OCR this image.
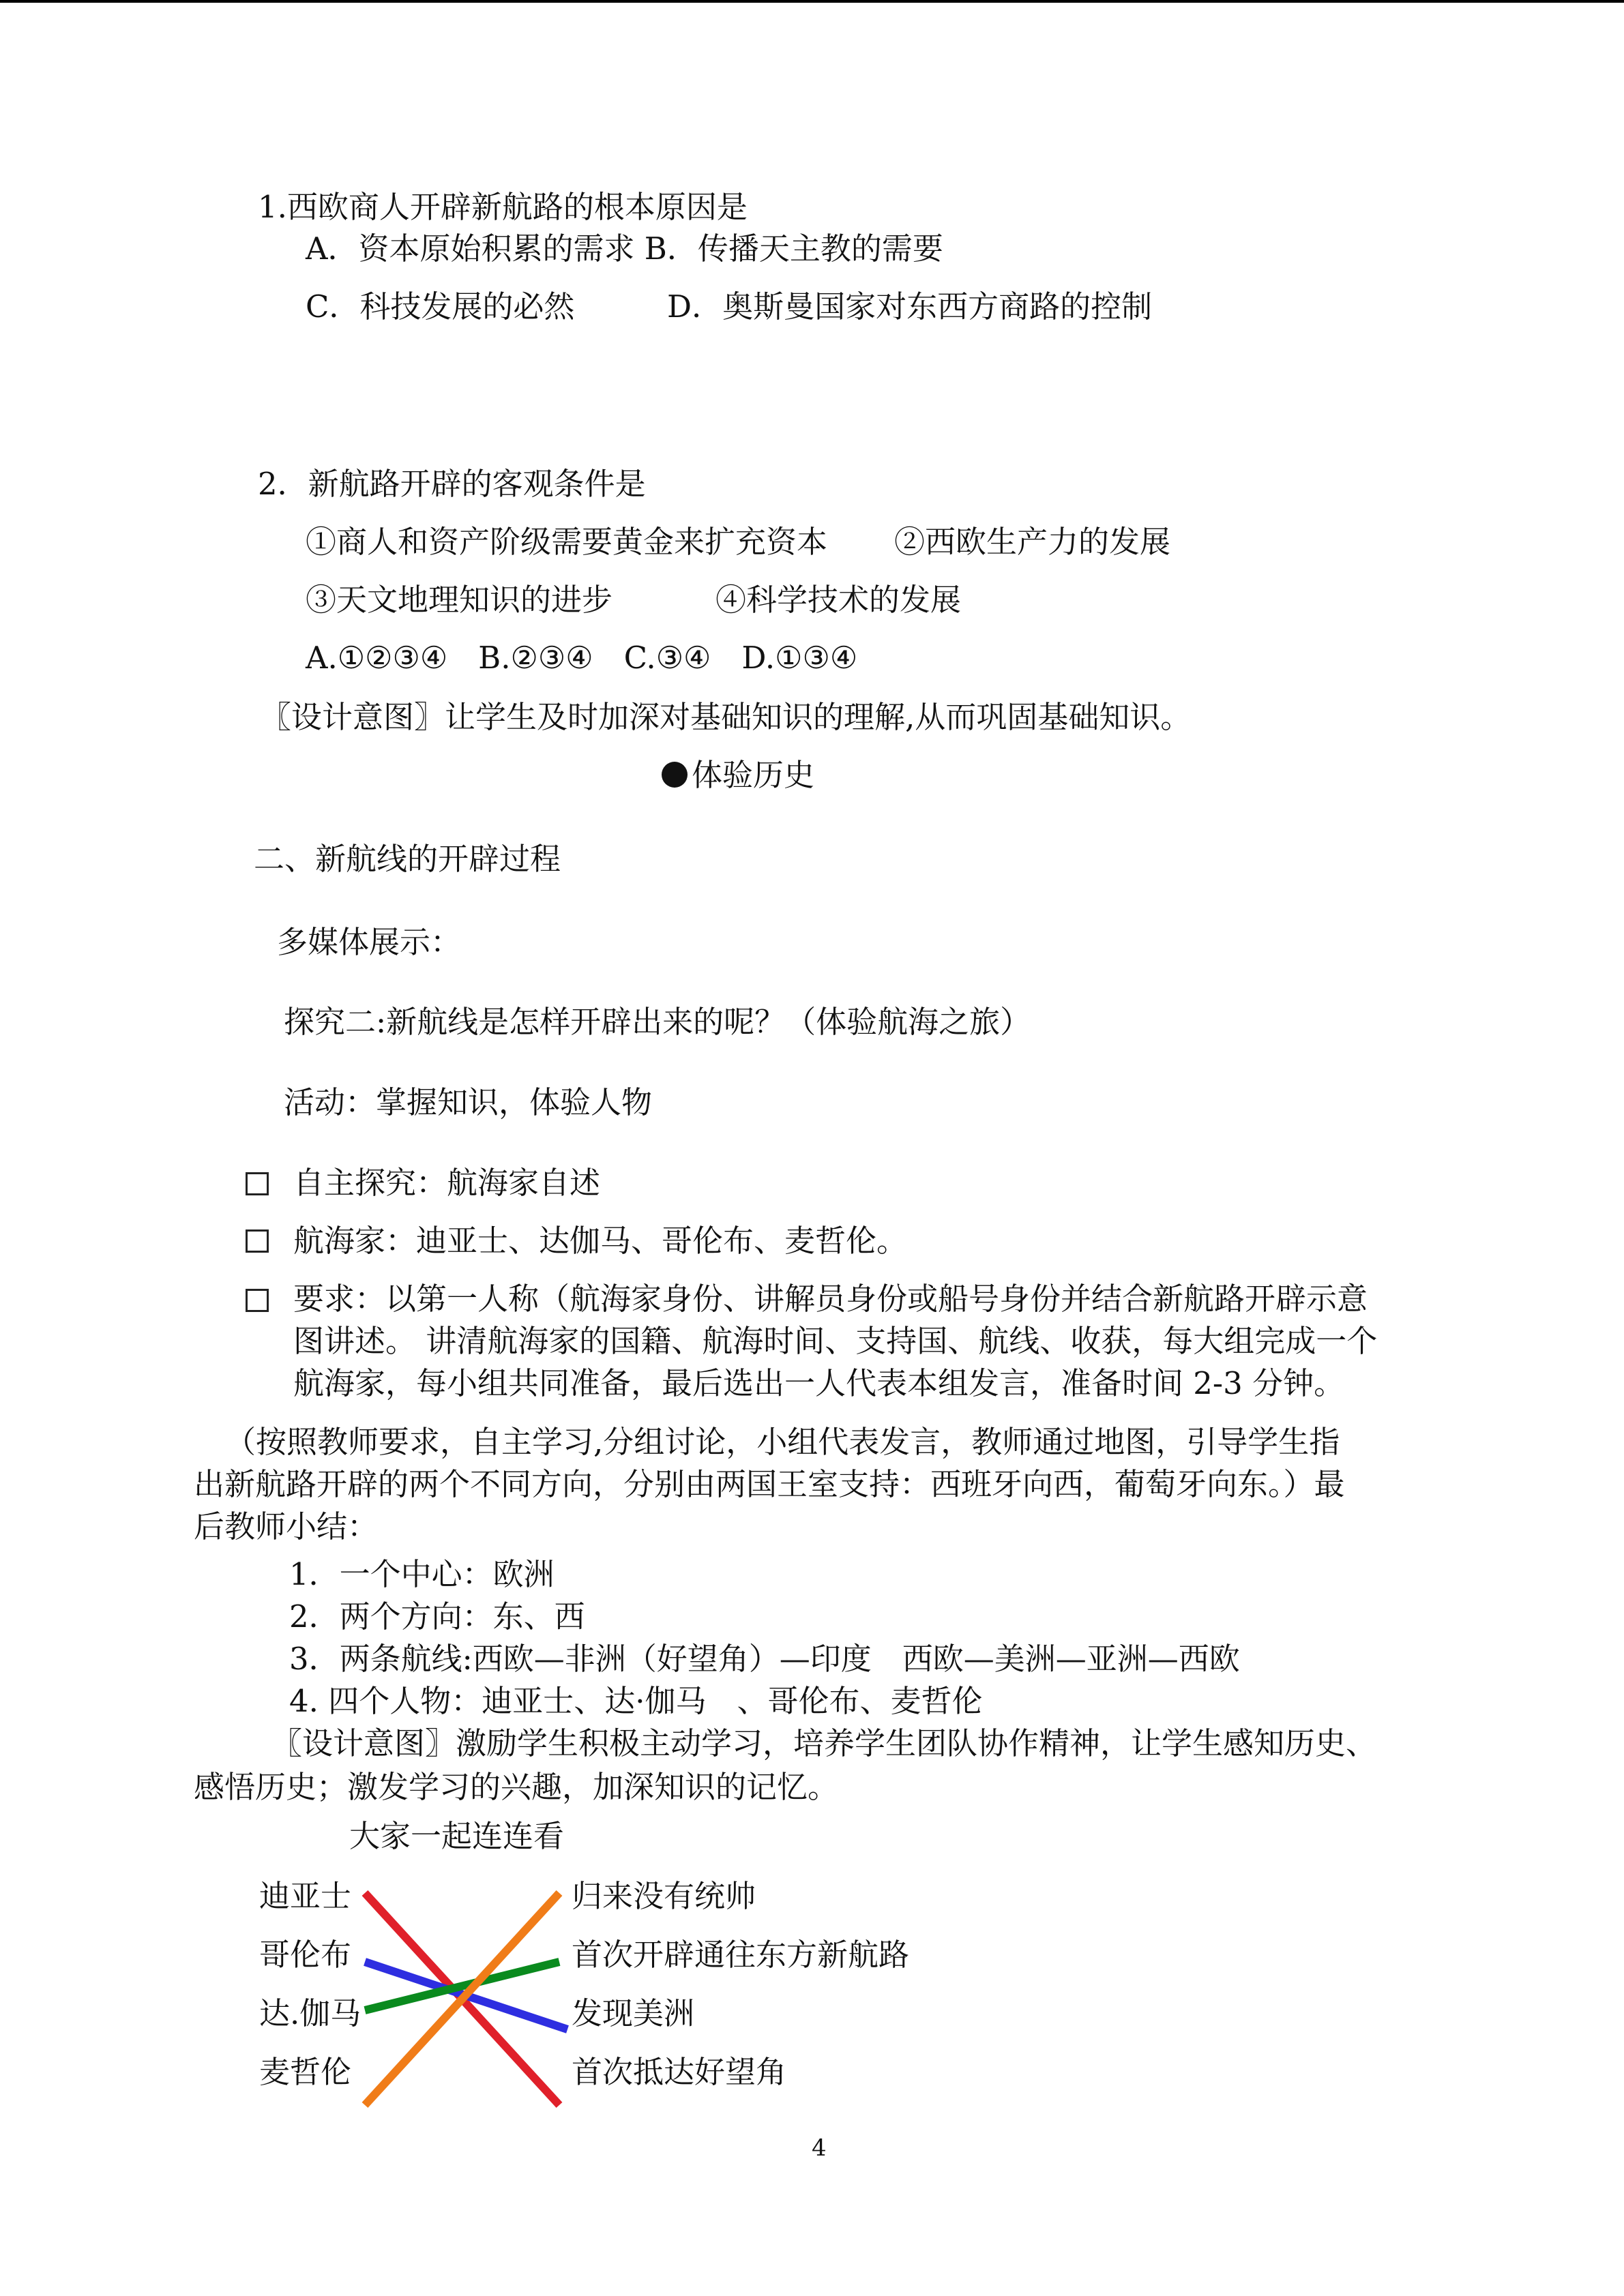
1.西欧商人开辟新航路的根本原因是
A．资本原始积累的需求 B．传播天主教的需要
C．科技发展的必然	D．奥斯曼国家对东西方商路的控制
2．新航路开辟的客观条件是
①商人和资产阶级需要黄金来扩充资本 ②西欧生产力的发展
③天文地理知识的进步	④科学技术的发展
A.①②③④　B.②③④　C.③④　D.①③④
〖设计意图〗让学生及时加深对基础知识的理解,从而巩固基础知识。
体验历史
二、新航线的开辟过程
多媒体展示：
探究二:新航线是怎样开辟出来的呢？（体验航海之旅）
活动：掌握知识，体验人物
自主探究：航海家自述
航海家：迪亚士、达伽马、哥伦布、麦哲伦。
要求：以第一人称（航海家身份、讲解员身份或船号身份并结合新航路开辟示意
图讲述。 讲清航海家的国籍、航海时间、支持国、航线、收获，每大组完成一个
航海家，每小组共同准备，最后选出一人代表本组发言，准备时间 2-3 分钟。
（按照教师要求，自主学习,分组讨论，小组代表发言，教师通过地图，引导学生指
出新航路开辟的两个不同方向，分别由两国王室支持：西班牙向西，葡萄牙向东。）最
后教师小结：
1．一个中心：欧洲
2．两个方向：东、西
3．两条航线:西欧—非洲（好望角）—印度　西欧—美洲—亚洲—西欧
4. 四个人物：迪亚士、达·伽马　、哥伦布、麦哲伦
〖设计意图〗激励学生积极主动学习，培养学生团队协作精神，让学生感知历史、
感悟历史；激发学习的兴趣，加深知识的记忆。
大家一起连连看
迪亚士
哥伦布
达.伽马
麦哲伦
归来没有统帅
首次开辟通往东方新航路
发现美洲
首次抵达好望角
4
